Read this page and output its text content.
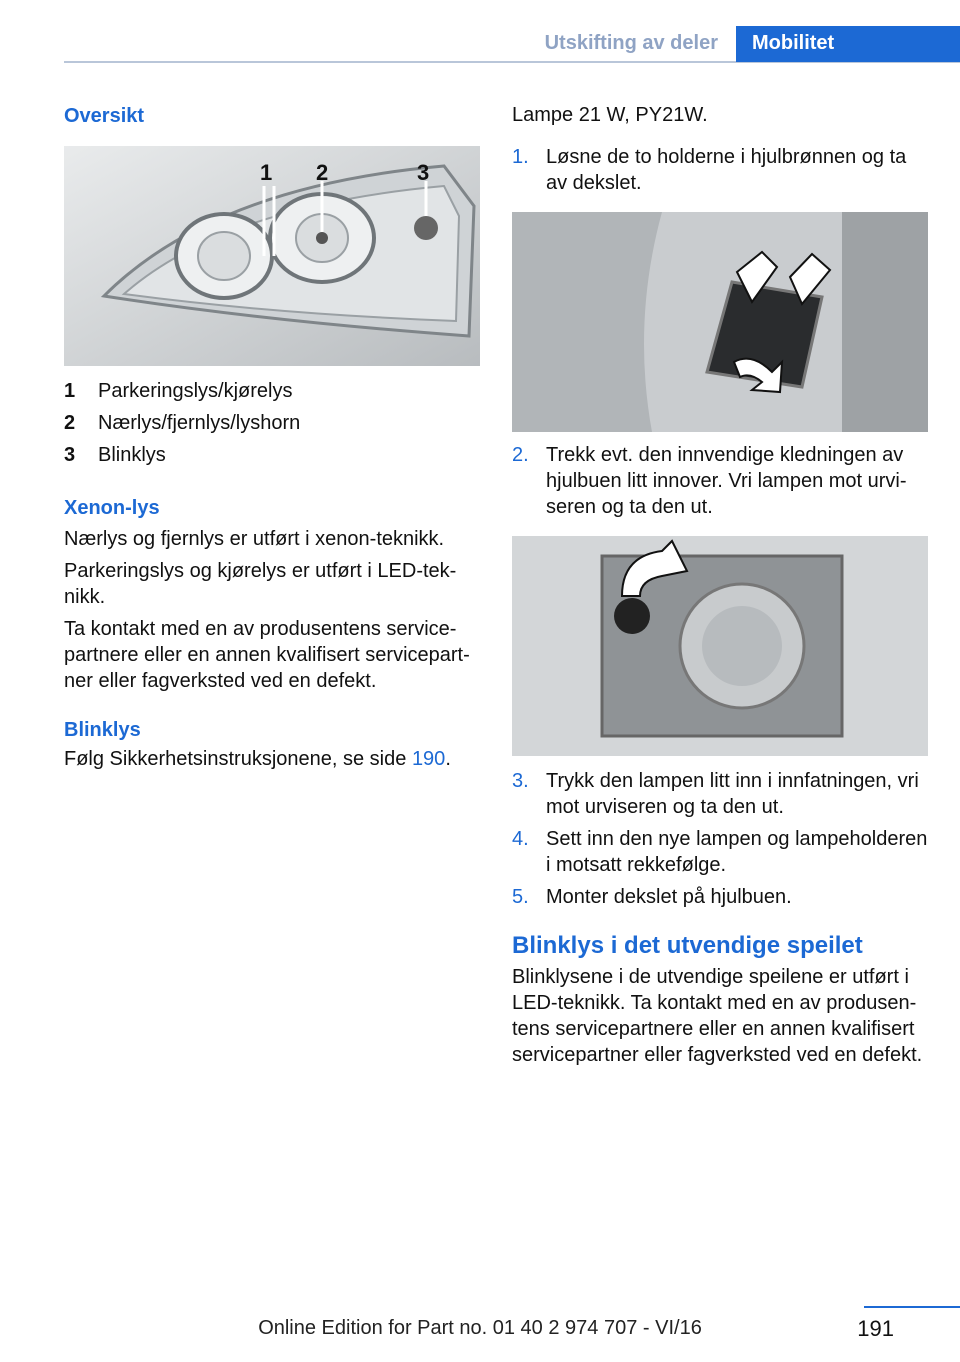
Utskifting av deler	Mobilitet
Oversikt
1 2	3
1	Parkeringslys/kjørelys
2	Nærlys/fjernlys/lyshorn
3	Blinklys
Xenon-lys

Nærlys og fjernlys er utført i xenon-teknikk.

Parkeringslys og kjørelys er utført i LED-tek‐ nikk.

Ta kontakt med en av produsentens service‐ partnere eller en annen kvalifisert servicepart‐ ner eller fagverksted ved en defekt.

Blinklys

Følg Sikkerhetsinstruksjonene, se side 190.

Lampe 21 W, PY21W.

1. Løsne de to holderne i hjulbrønnen og ta av dekslet.
2. Trekk evt. den innvendige kledningen av hjulbuen litt innover. Vri lampen mot urvi‐ seren og ta den ut.
3. Trykk den lampen litt inn i innfatningen, vri mot urviseren og ta den ut.
4. Sett inn den nye lampen og lampeholderen i motsatt rekkefølge.
5. Monter dekslet på hjulbuen.
Blinklys i det utvendige speilet

Blinklysene i de utvendige speilene er utført i LED-teknikk. Ta kontakt med en av produsen‐ tens servicepartnere eller en annen kvalifisert servicepartner eller fagverksted ved en defekt.

191
Online Edition for Part no. 01 40 2 974 707 - VI/16
